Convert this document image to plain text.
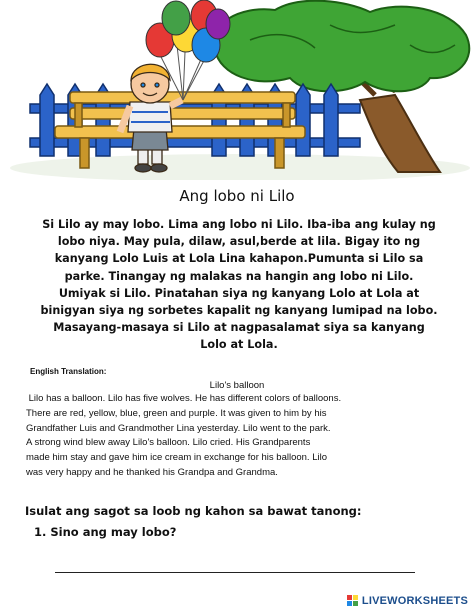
Ang lobo ni Lilo
Si Lilo ay may lobo. Lima ang lobo ni Lilo. Iba-iba ang kulay ng
lobo niya. May pula, dilaw, asul,berde at lila. Bigay ito ng
kanyang Lolo Luis at Lola Lina kahapon.Pumunta si Lilo sa
parke. Tinangay ng malakas na hangin ang lobo ni Lilo.
Umiyak si Lilo. Pinatahan siya ng kanyang Lolo at Lola at
binigyan siya ng sorbetes kapalit ng kanyang lumipad na lobo.
Masayang-masaya si Lilo at nagpasalamat siya sa kanyang
Lolo at Lola.
English Translation:
Lilo's balloon
Lilo has a balloon. Lilo has five wolves. He has different colors of balloons.
There are red, yellow, blue, green and purple. It was given to him by his
Grandfather Luis and Grandmother Lina yesterday. Lilo went to the park.
A strong wind blew away Lilo's balloon. Lilo cried. His Grandparents
made him stay and gave him ice cream in exchange for his balloon. Lilo
was very happy and he thanked his Grandpa and Grandma.
Isulat ang sagot sa loob ng kahon sa bawat tanong:
1. Sino ang may lobo?
LIVEWORKSHEETS
